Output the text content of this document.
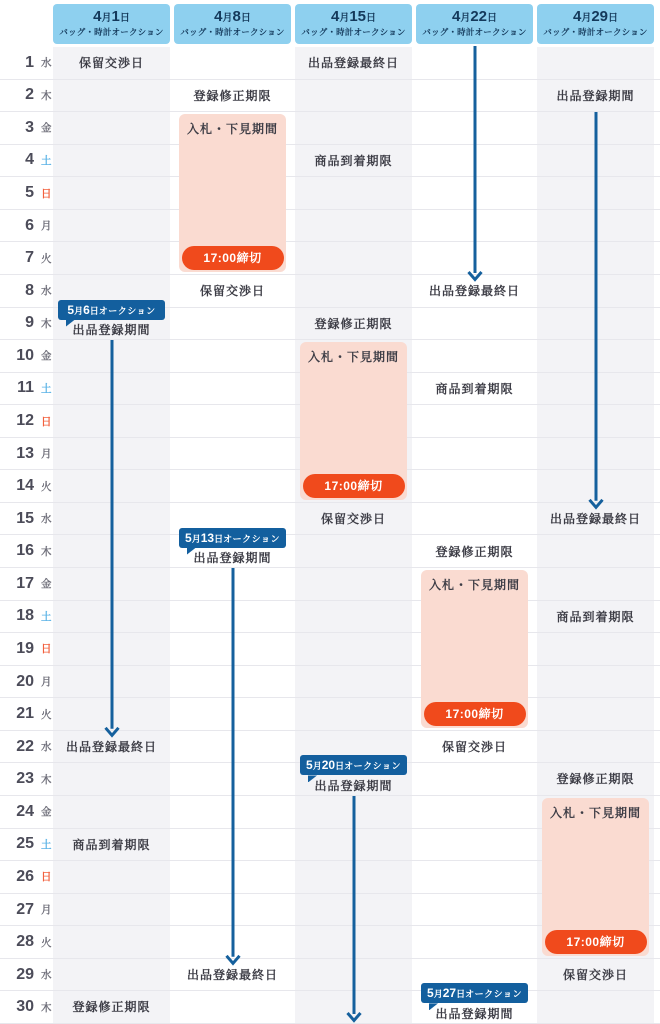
1 水
2 木
3 金
4 土
5 日
6 月
7 火
8 水
9 木
10 金
11 土
12 日
13 月
14 火
15 水
16 木
17 金
18 土
19 日
20 月
21 火
22 水
23 木
24 金
25 土
26 日
27 月
28 火
29 水
30 木
4月1日
バッグ・時計オークション
保留交渉日
5月6日オークション
出品登録期間
出品登録最終日
商品到着期限
登録修正期限
4月8日
バッグ・時計オークション
入札・下見期間
登録修正期限
保留交渉日
5月13日オークション
出品登録期間
出品登録最終日
17:00締切
4月15日
バッグ・時計オークション
入札・下見期間
出品登録最終日
商品到着期限
登録修正期限
保留交渉日
5月20日オークション
出品登録期間
17:00締切
4月22日
バッグ・時計オークション
入札・下見期間
出品登録最終日
商品到着期限
登録修正期限
保留交渉日
5月27日オークション
出品登録期間
17:00締切
4月29日
バッグ・時計オークション
入札・下見期間
出品登録期間
出品登録最終日
商品到着期限
登録修正期限
保留交渉日
17:00締切
